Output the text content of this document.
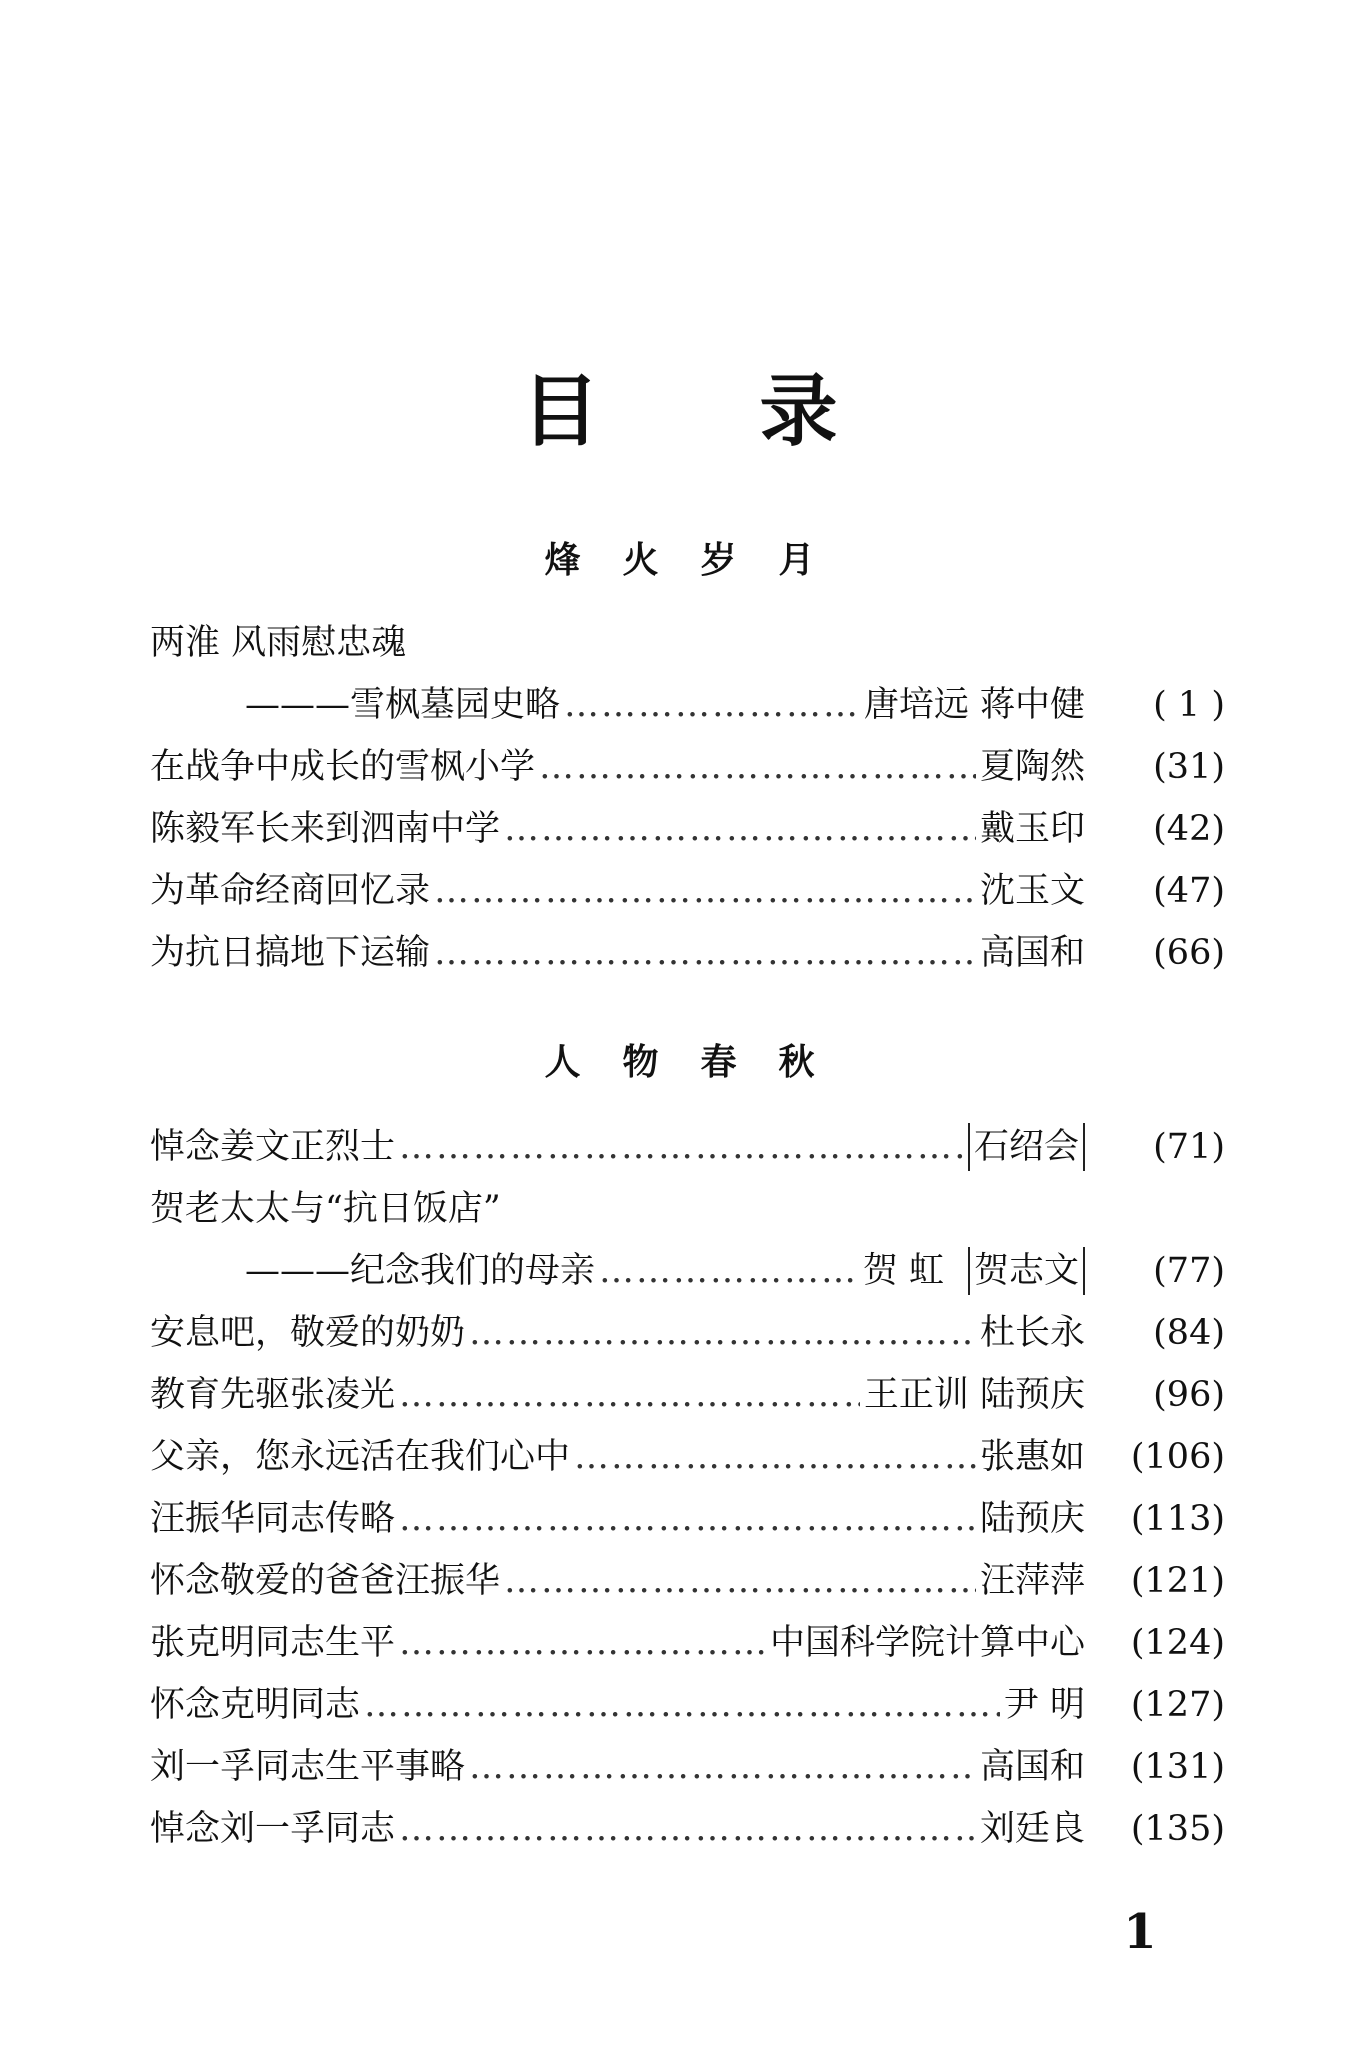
目 录
烽 火 岁 月
两淮 风雨慰忠魂
———雪枫墓园史略 …………………………………………………………………………………………………………………………………………	唐培远 蒋中健	( 1 )
在战争中成长的雪枫小学 …………………………………………………………………………………………………………………………………………	夏陶然	(31)
陈毅军长来到泗南中学 …………………………………………………………………………………………………………………………………………	戴玉印	(42)
为革命经商回忆录 …………………………………………………………………………………………………………………………………………	沈玉文	(47)
为抗日搞地下运输 …………………………………………………………………………………………………………………………………………	高国和	(66)
人 物 春 秋
悼念姜文正烈士 …………………………………………………………………………………………………………………………………………	石绍会	(71)
贺老太太与“抗日饭店”
———纪念我们的母亲 …………………………………………………………………………………………………………………………………………	贺 虹 贺志文	(77)
安息吧，敬爱的奶奶 …………………………………………………………………………………………………………………………………………	杜长永	(84)
教育先驱张凌光 …………………………………………………………………………………………………………………………………………	王正训 陆预庆	(96)
父亲，您永远活在我们心中 …………………………………………………………………………………………………………………………………………	张惠如 (106)
汪振华同志传略 …………………………………………………………………………………………………………………………………………	陆预庆 (113)
怀念敬爱的爸爸汪振华 …………………………………………………………………………………………………………………………………………	汪萍萍 (121)
张克明同志生平 …………………………………………………………………………………………………………………………………………	中国科学院计算中心 (124)
怀念克明同志 …………………………………………………………………………………………………………………………………………	尹 明 (127)
刘一孚同志生平事略 …………………………………………………………………………………………………………………………………………	高国和 (131)
悼念刘一孚同志 …………………………………………………………………………………………………………………………………………	刘廷良 (135)
1
